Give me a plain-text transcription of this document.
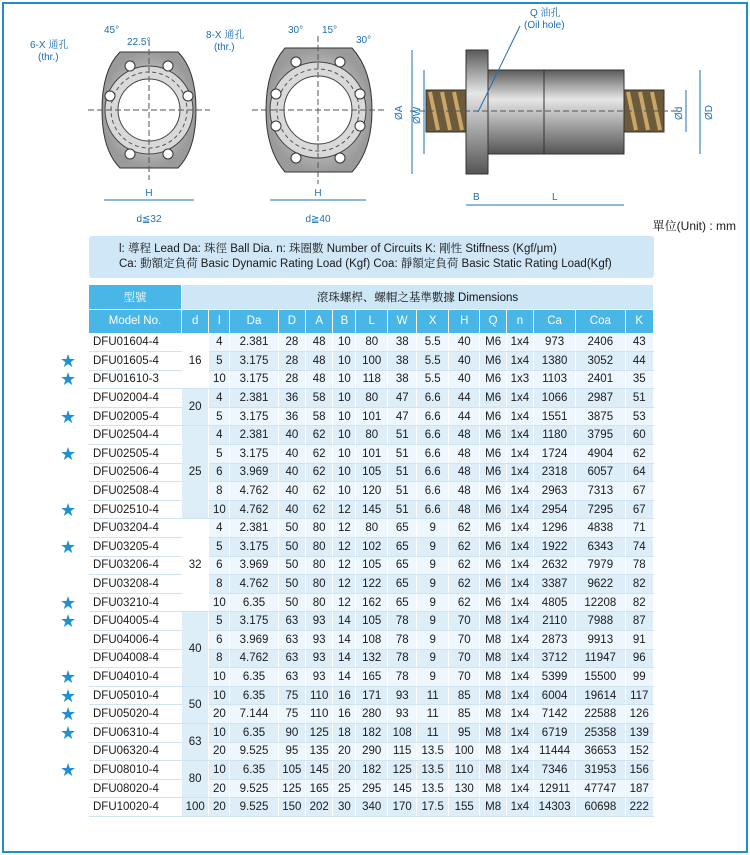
H
d≦32
6-X 通孔
(thr.)
45°
22.5°
H
d≧40
8-X 通孔
(thr.)
30° 15°
30°
ØA ØW	Ød ØD
B	L
Q 油孔
(Oil hole)
單位(Unit) : mm
l: 導程 Lead Da: 珠徑 Ball Dia. n: 珠圈數 Number of Circuits K: 剛性 Stiffness (Kgf/μm)
Ca: 動額定負荷 Basic Dynamic Rating Load (Kgf) Coa: 靜額定負荷 Basic Static Rating Load(Kgf)
型號	滾珠螺桿、螺帽之基準數據 Dimensions														
Model No.	d	l	Da	D	A	B	L	W	X	H	Q	n	Ca	Coa	K
DFU01604-4	16	4	2.381	28	48	10	80	38	5.5	40	M6	1x4	973	2406	43
DFU01605-4		5	3.175	28	48	10	100	38	5.5	40	M6	1x4	1380	3052	44
DFU01610-3		10	3.175	28	48	10	118	38	5.5	40	M6	1x3	1103	2401	35
DFU02004-4	20	4	2.381	36	58	10	80	47	6.6	44	M6	1x4	1066	2987	51
DFU02005-4		5	3.175	36	58	10	101	47	6.6	44	M6	1x4	1551	3875	53
DFU02504-4	25	4	2.381	40	62	10	80	51	6.6	48	M6	1x4	1180	3795	60
DFU02505-4		5	3.175	40	62	10	101	51	6.6	48	M6	1x4	1724	4904	62
DFU02506-4		6	3.969	40	62	10	105	51	6.6	48	M6	1x4	2318	6057	64
DFU02508-4		8	4.762	40	62	10	120	51	6.6	48	M6	1x4	2963	7313	67
DFU02510-4		10	4.762	40	62	12	145	51	6.6	48	M6	1x4	2954	7295	67
DFU03204-4	32	4	2.381	50	80	12	80	65	9	62	M6	1x4	1296	4838	71
DFU03205-4		5	3.175	50	80	12	102	65	9	62	M6	1x4	1922	6343	74
DFU03206-4		6	3.969	50	80	12	105	65	9	62	M6	1x4	2632	7979	78
DFU03208-4		8	4.762	50	80	12	122	65	9	62	M6	1x4	3387	9622	82
DFU03210-4		10	6.35	50	80	12	162	65	9	62	M6	1x4	4805	12208	82
DFU04005-4	40	5	3.175	63	93	14	105	78	9	70	M8	1x4	2110	7988	87
DFU04006-4		6	3.969	63	93	14	108	78	9	70	M8	1x4	2873	9913	91
DFU04008-4		8	4.762	63	93	14	132	78	9	70	M8	1x4	3712	11947	96
DFU04010-4		10	6.35	63	93	14	165	78	9	70	M8	1x4	5399	15500	99
DFU05010-4	50	10	6.35	75	110	16	171	93	11	85	M8	1x4	6004	19614	117
DFU05020-4		20	7.144	75	110	16	280	93	11	85	M8	1x4	7142	22588	126
DFU06310-4	63	10	6.35	90	125	18	182	108	11	95	M8	1x4	6719	25358	139
DFU06320-4		20	9.525	95	135	20	290	115	13.5	100	M8	1x4	11444	36653	152
DFU08010-4	80	10	6.35	105	145	20	182	125	13.5	110	M8	1x4	7346	31953	156
DFU08020-4		20	9.525	125	165	25	295	145	13.5	130	M8	1x4	12911	47747	187
DFU10020-4	100	20	9.525	150	202	30	340	170	17.5	155	M8	1x4	14303	60698	222
★
★
★
★
★
★
★
★
★
★
★
★
★
